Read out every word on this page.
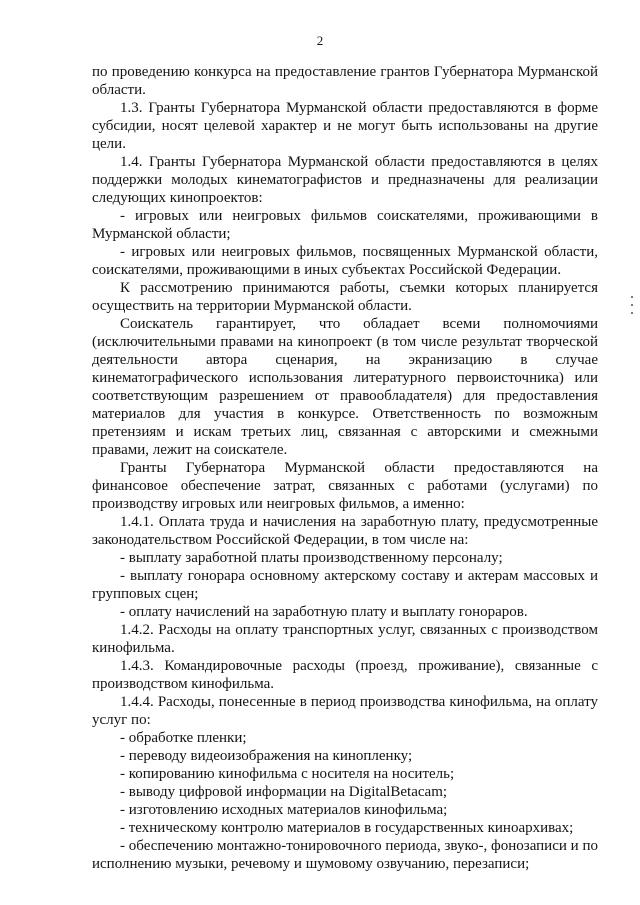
2

по проведению конкурса на предоставление грантов Губернатора Мурманской области.

1.3. Гранты Губернатора Мурманской области предоставляются в форме субсидии, носят целевой характер и не могут быть использованы на другие цели.

1.4. Гранты Губернатора Мурманской области предоставляются в целях поддержки молодых кинематографистов и предназначены для реализации следующих кинопроектов:

- игровых или неигровых фильмов соискателями, проживающими в Мурманской области;

- игровых или неигровых фильмов, посвященных Мурманской области, соискателями, проживающими в иных субъектах Российской Федерации.

К рассмотрению принимаются работы, съемки которых планируется осуществить на территории Мурманской области.

Соискатель гарантирует, что обладает всеми полномочиями (исключительными правами на кинопроект (в том числе результат творческой деятельности автора сценария, на экранизацию в случае кинематографического использования литературного первоисточника) или соответствующим разрешением от правообладателя) для предоставления материалов для участия в конкурсе. Ответственность по возможным претензиям и искам третьих лиц, связанная с авторскими и смежными правами, лежит на соискателе.

Гранты Губернатора Мурманской области предоставляются на финансовое обеспечение затрат, связанных с работами (услугами) по производству игровых или неигровых фильмов, а именно:

1.4.1. Оплата труда и начисления на заработную плату, предусмотренные законодательством Российской Федерации, в том числе на:

- выплату заработной платы производственному персоналу;

- выплату гонорара основному актерскому составу и актерам массовых и групповых сцен;

- оплату начислений на заработную плату и выплату гонораров.

1.4.2. Расходы на оплату транспортных услуг, связанных с производством кинофильма.

1.4.3. Командировочные расходы (проезд, проживание), связанные с производством кинофильма.

1.4.4. Расходы, понесенные в период производства кинофильма, на оплату услуг по:

- обработке пленки;

- переводу видеоизображения на кинопленку;

- копированию кинофильма с носителя на носитель;

- выводу цифровой информации на DigitalBetacam;

- изготовлению исходных материалов кинофильма;

- техническому контролю материалов в государственных киноархивах;

- обеспечению монтажно-тонировочного периода, звуко-, фонозаписи и по исполнению музыки, речевому и шумовому озвучанию, перезаписи;
